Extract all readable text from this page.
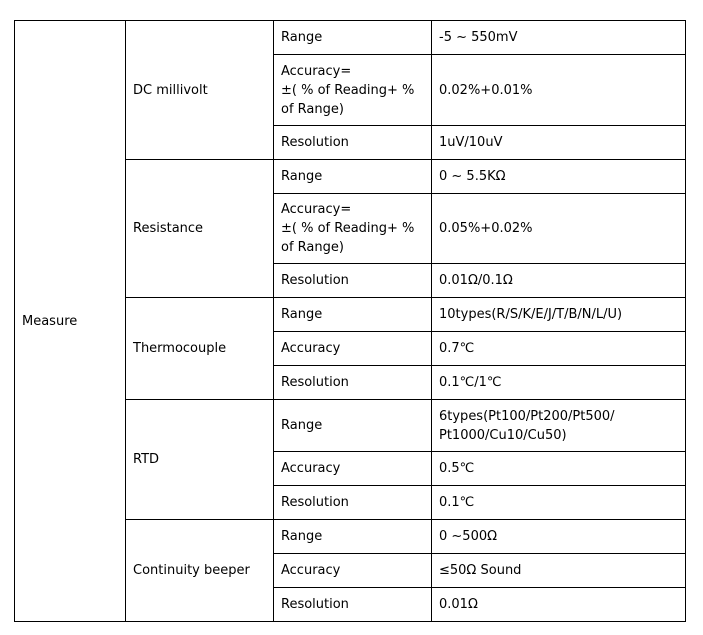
Measure	DC millivolt	Range	-5 ~ 550mV
		Accuracy=
±( % of Reading+ %
of Range)	0.02%+0.01%
		Resolution	1uV/10uV
	Resistance	Range	0 ~ 5.5KΩ
		Accuracy=
±( % of Reading+ %
of Range)	0.05%+0.02%
		Resolution	0.01Ω/0.1Ω
	Thermocouple	Range	10types(R/S/K/E/J/T/B/N/L/U)
		Accuracy	0.7℃
		Resolution	0.1℃/1℃
	RTD	Range	6types(Pt100/Pt200/Pt500/
Pt1000/Cu10/Cu50)
		Accuracy	0.5℃
		Resolution	0.1℃
	Continuity beeper	Range	0 ~500Ω
		Accuracy	≤50Ω Sound
		Resolution	0.01Ω
